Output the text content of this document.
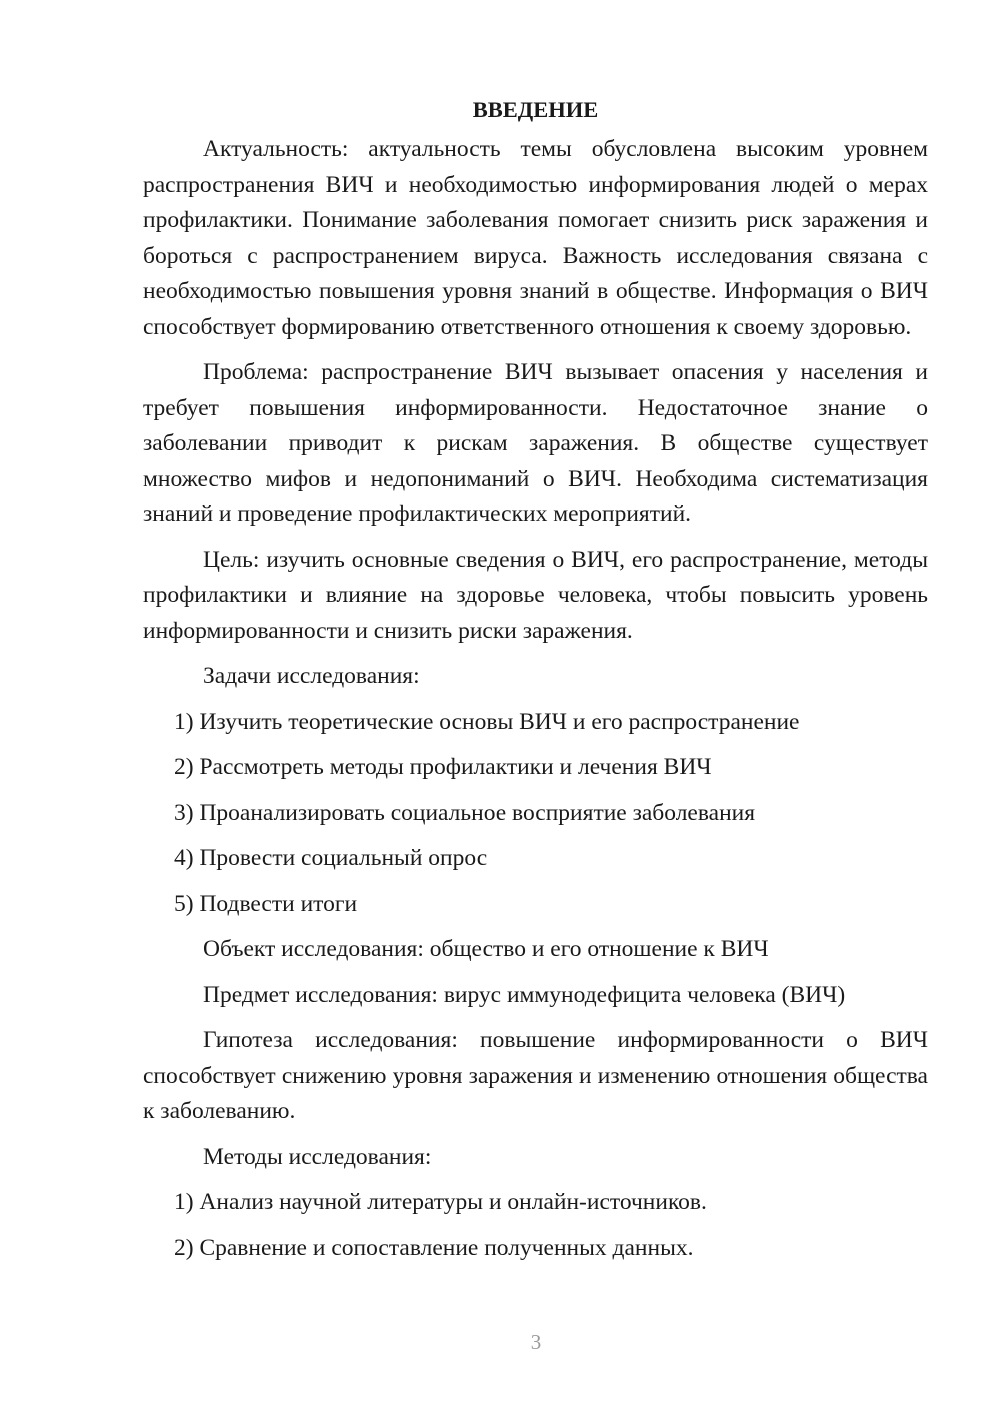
ВВЕДЕНИЕ

Актуальность: актуальность темы обусловлена высоким уровнем распространения ВИЧ и необходимостью информирования людей о мерах профилактики. Понимание заболевания помогает снизить риск заражения и бороться с распространением вируса. Важность исследования связана с необходимостью повышения уровня знаний в обществе. Информация о ВИЧ способствует формированию ответственного отношения к своему здоровью.

Проблема: распространение ВИЧ вызывает опасения у населения и требует повышения информированности. Недостаточное знание о заболевании приводит к рискам заражения. В обществе существует множество мифов и недопониманий о ВИЧ. Необходима систематизация знаний и проведение профилактических мероприятий.

Цель: изучить основные сведения о ВИЧ, его распространение, методы профилактики и влияние на здоровье человека, чтобы повысить уровень информированности и снизить риски заражения.

Задачи исследования:
1) Изучить теоретические основы ВИЧ и его распространение
2) Рассмотреть методы профилактики и лечения ВИЧ
3) Проанализировать социальное восприятие заболевания
4) Провести социальный опрос
5) Подвести итоги
Объект исследования: общество и его отношение к ВИЧ
Предмет исследования: вирус иммунодефицита человека (ВИЧ)

Гипотеза исследования: повышение информированности о ВИЧ способствует снижению уровня заражения и изменению отношения общества к заболеванию.

Методы исследования:
1) Анализ научной литературы и онлайн-источников.
2) Сравнение и сопоставление полученных данных.
3
